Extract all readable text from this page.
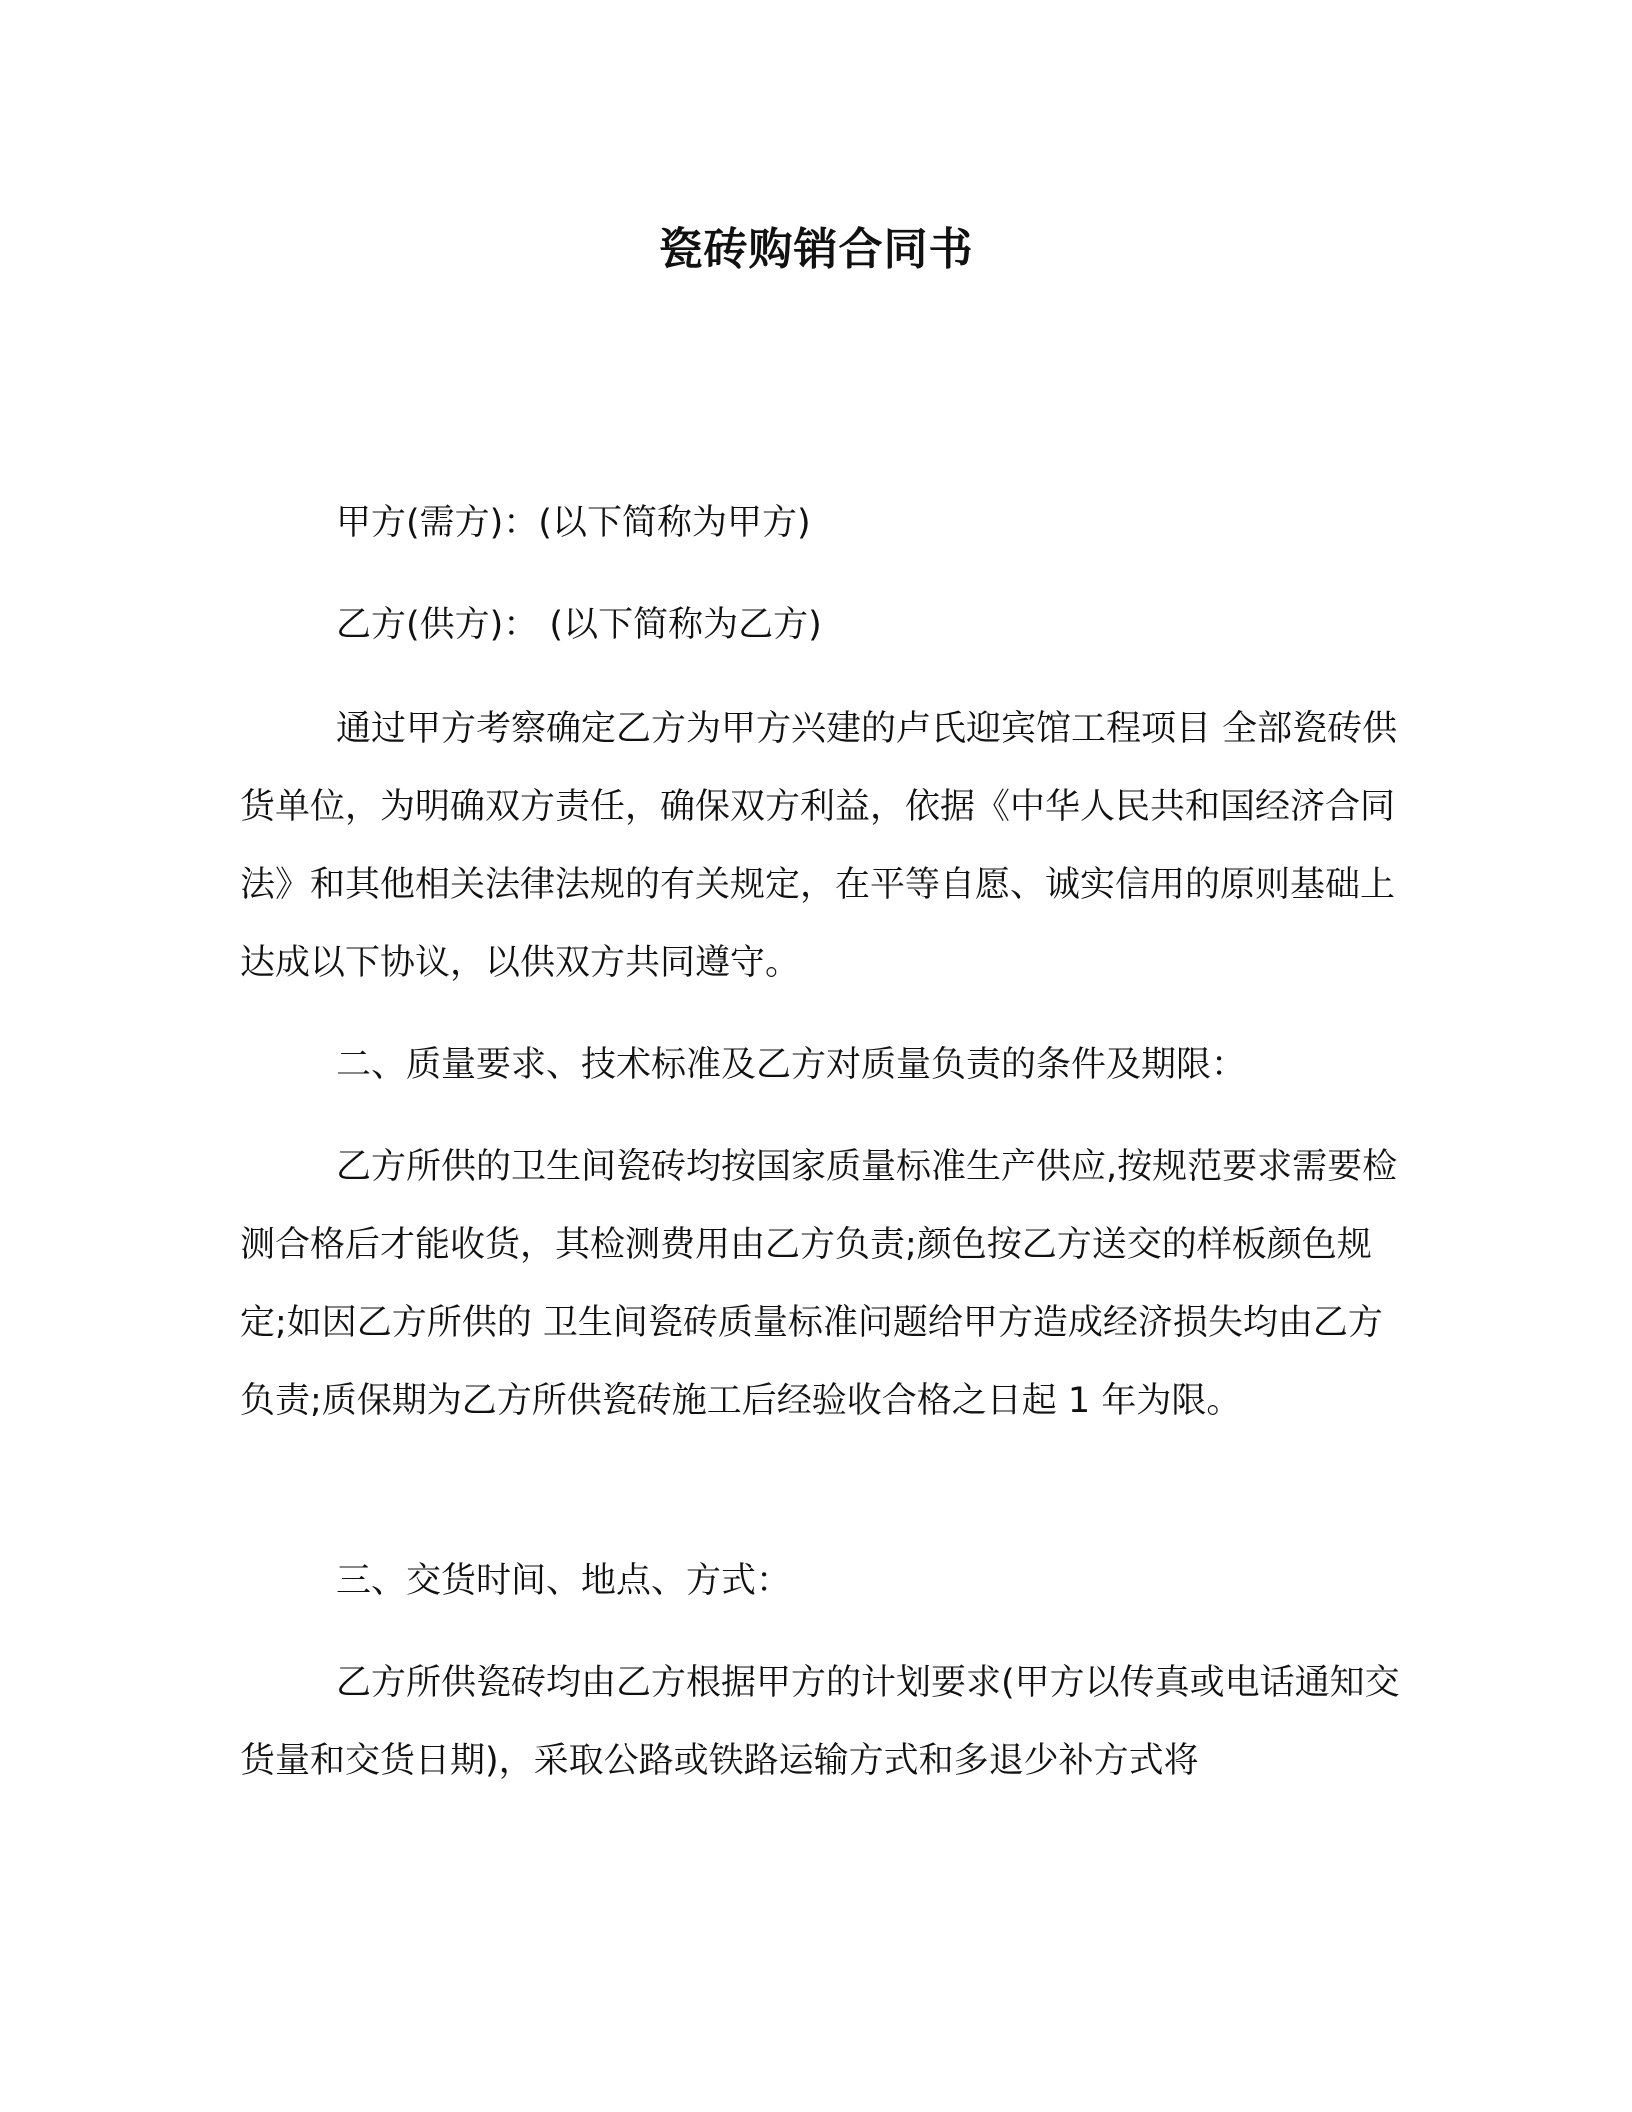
瓷砖购销合同书

甲方(需方)：(以下简称为甲方)

乙方(供方)： (以下简称为乙方)

通过甲方考察确定乙方为甲方兴建的卢氏迎宾馆工程项目 全部瓷砖供货单位，为明确双方责任，确保双方利益，依据《中华人民共和国经济合同法》和其他相关法律法规的有关规定，在平等自愿、诚实信用的原则基础上达成以下协议，以供双方共同遵守。

二、质量要求、技术标准及乙方对质量负责的条件及期限：

乙方所供的卫生间瓷砖均按国家质量标准生产供应,按规范要求需要检测合格后才能收货，其检测费用由乙方负责;颜色按乙方送交的样板颜色规定;如因乙方所供的 卫生间瓷砖质量标准问题给甲方造成经济损失均由乙方负责;质保期为乙方所供瓷砖施工后经验收合格之日起 1 年为限。

三、交货时间、地点、方式：

乙方所供瓷砖均由乙方根据甲方的计划要求(甲方以传真或电话通知交货量和交货日期)，采取公路或铁路运输方式和多退少补方式将
